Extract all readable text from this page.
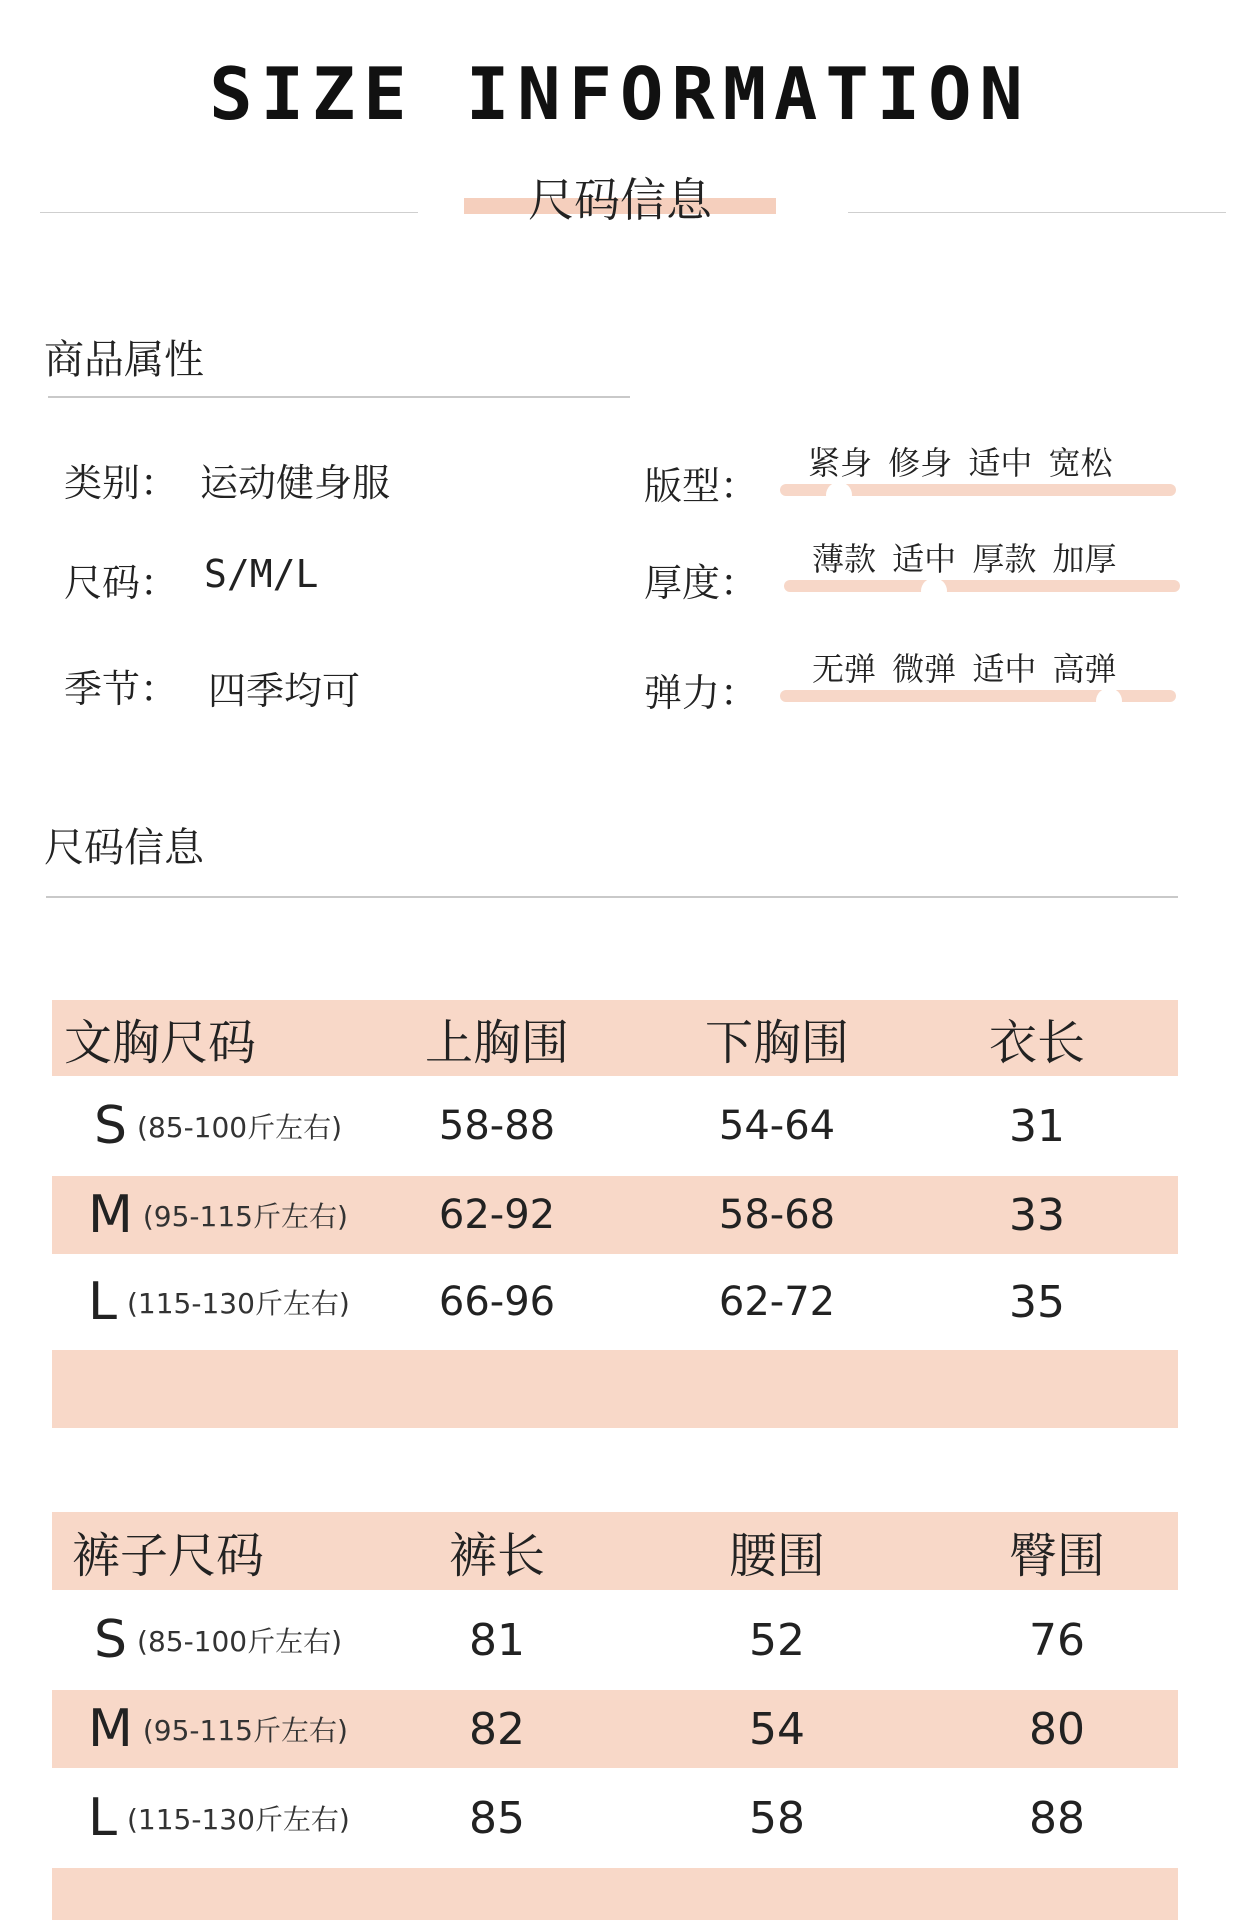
SIZE INFORMATION
尺码信息
商品属性
类别： 运动健身服
尺码： S/M/L
季节： 四季均可
版型：
紧身 修身 适中 宽松
厚度：
薄款 适中 厚款 加厚
弹力：
无弹 微弹 适中 高弹
尺码信息
文胸尺码	上胸围	下胸围	衣长
S (85-100斤左右) 58-88	54-64	31
M (95-115斤左右) 62-92	58-68	33
L (115-130斤左右) 66-96	62-72	35
裤子尺码	裤长	腰围	臀围
S (85-100斤左右)	81	52	76
M (95-115斤左右)	82	54	80
L (115-130斤左右)	85	58	88
